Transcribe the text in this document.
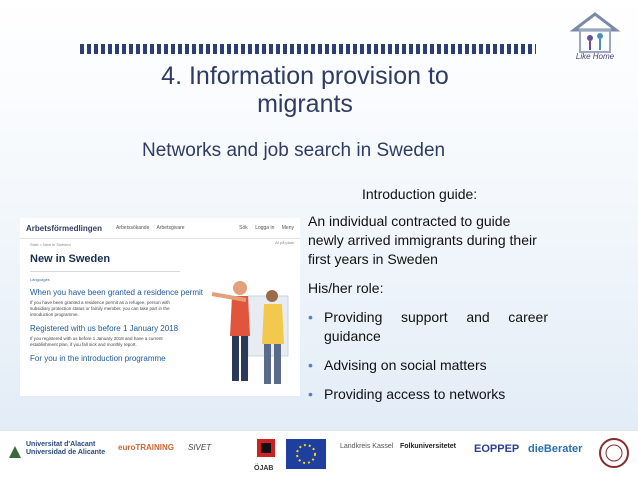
Like Home
4. Information provision to migrants
Networks and job search in Sweden
Arbetsförmedlingen	Arbetssökande Arbetsgivare	Sök Logga in Meny
Start > New in Sweden	Af på plats
New in Sweden
Languages
When you have been granted a residence permit
If you have been granted a residence permit as a refugee, person with subsidiary protection status or family member, you can take part in the introduction programme.
Registered with us before 1 January 2018
If you registered with us before 1 January 2018 and have a current establishment plan, if you fall sick and monthly report.
For you in the introduction programme
Introduction guide:

An individual contracted to guide newly arrived immigrants during their first years in Sweden

His/her role:

• Providing support and career guidance
• Advising on social matters
• Providing access to networks
Universitat d'Alacant
Universidad de Alicante
euroTRAINING SIVET
ÖJAB
Landkreis Kassel Folkuniversitetet EOPPEP dieBerater
